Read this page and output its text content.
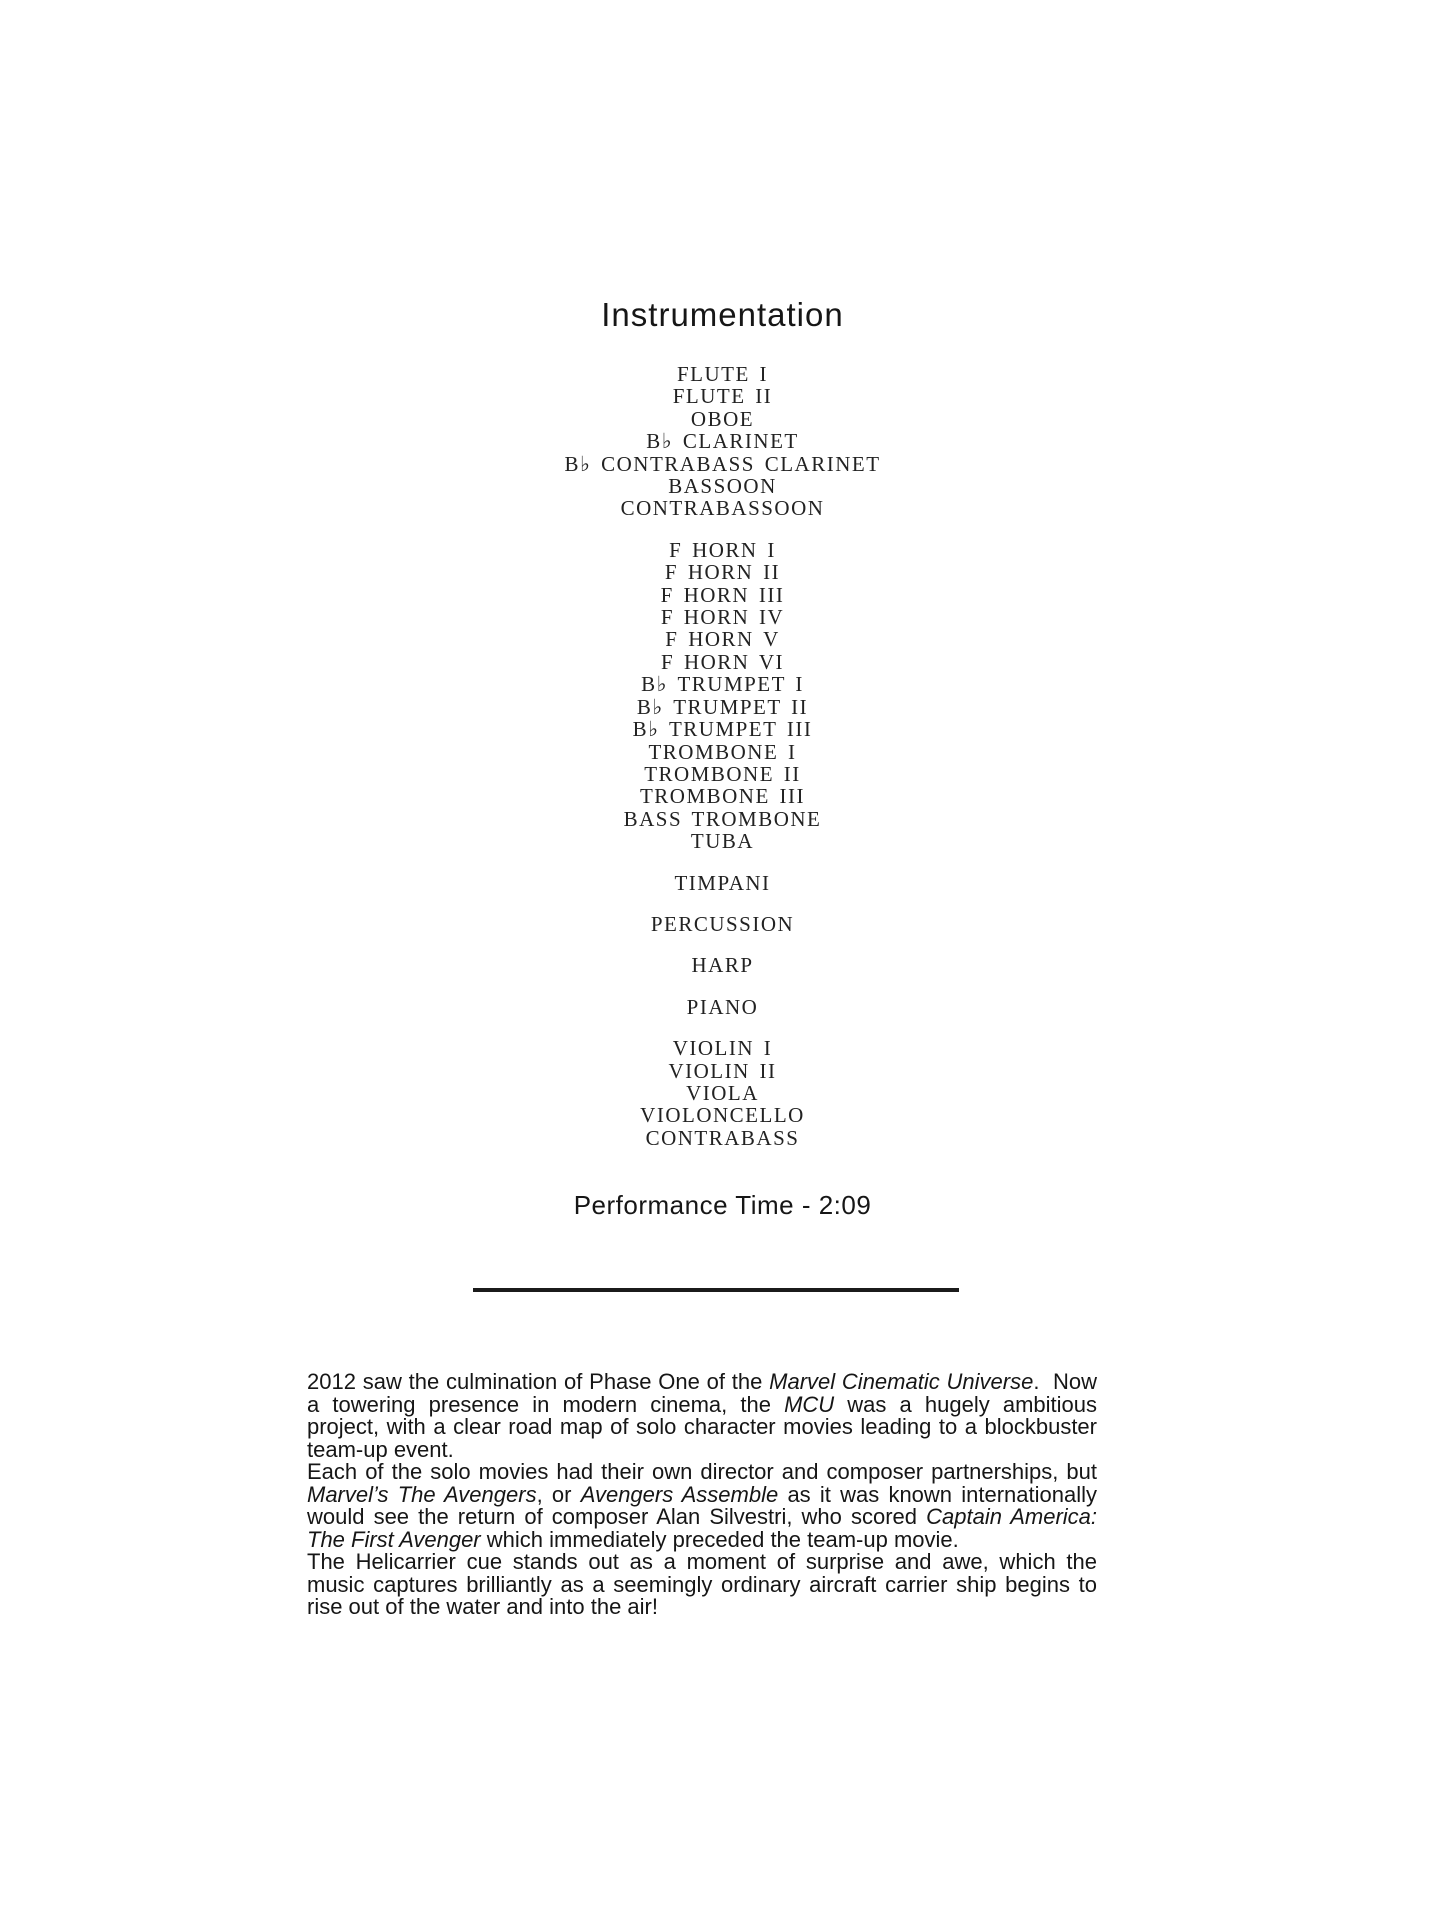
Instrumentation
FLUTE I
FLUTE II
OBOE
B♭ CLARINET
B♭ CONTRABASS CLARINET
BASSOON
CONTRABASSOON
F HORN I
F HORN II
F HORN III
F HORN IV
F HORN V
F HORN VI
B♭ TRUMPET I
B♭ TRUMPET II
B♭ TRUMPET III
TROMBONE I
TROMBONE II
TROMBONE III
BASS TROMBONE
TUBA
TIMPANI
PERCUSSION
HARP
PIANO
VIOLIN I
VIOLIN II
VIOLA
VIOLONCELLO
CONTRABASS
Performance Time - 2:09

2012 saw the culmination of Phase One of the Marvel Cinematic Universe.  Now a towering presence in modern cinema, the MCU was a hugely ambitious project, with a clear road map of solo character movies leading to a blockbuster team-up event.

Each of the solo movies had their own director and composer partnerships, but Marvel’s The Avengers, or Avengers Assemble as it was known internationally would see the return of composer Alan Silvestri, who scored Captain America: The First Avenger which immediately preceded the team-up movie.

The Helicarrier cue stands out as a moment of surprise and awe, which the music captures brilliantly as a seemingly ordinary aircraft carrier ship begins to rise out of the water and into the air!
